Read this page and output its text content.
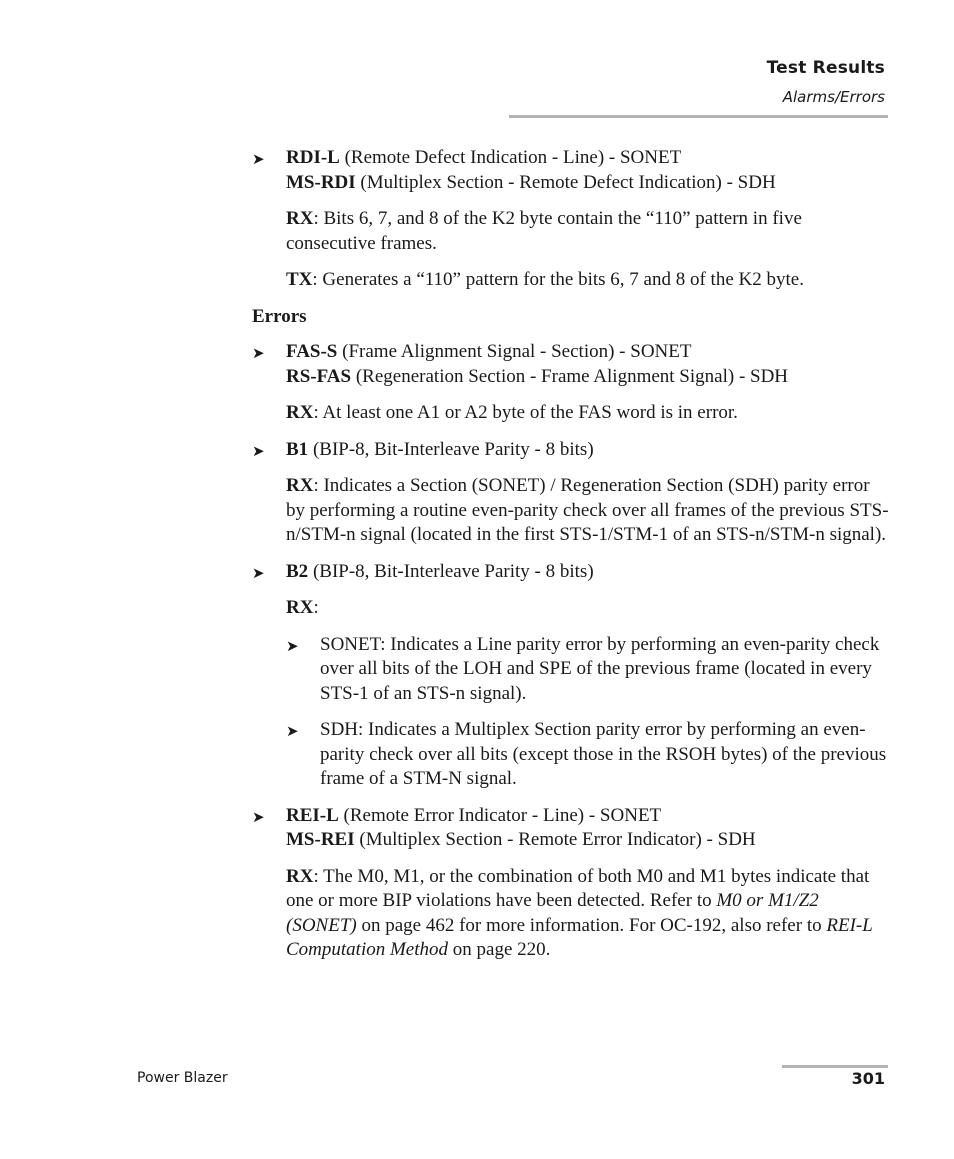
Test Results
Alarms/Errors
➤ RDI-L (Remote Defect Indication - Line) - SONET
MS-RDI (Multiplex Section - Remote Defect Indication) - SDH
RX: Bits 6, 7, and 8 of the K2 byte contain the “110” pattern in five consecutive frames.
TX: Generates a “110” pattern for the bits 6, 7 and 8 of the K2 byte.
Errors
➤ FAS-S (Frame Alignment Signal - Section) - SONET
RS-FAS (Regeneration Section - Frame Alignment Signal) - SDH
RX: At least one A1 or A2 byte of the FAS word is in error.
➤ B1 (BIP-8, Bit-Interleave Parity - 8 bits)
RX: Indicates a Section (SONET) / Regeneration Section (SDH) parity error by performing a routine even-parity check over all frames of the previous STS-n/STM-n signal (located in the first STS-1/STM-1 of an STS-n/STM-n signal).
➤ B2 (BIP-8, Bit-Interleave Parity - 8 bits)
RX:
➤ SONET: Indicates a Line parity error by performing an even-parity check over all bits of the LOH and SPE of the previous frame (located in every STS-1 of an STS-n signal).
➤ SDH: Indicates a Multiplex Section parity error by performing an even-parity check over all bits (except those in the RSOH bytes) of the previous frame of a STM-N signal.
➤ REI-L (Remote Error Indicator - Line) - SONET
MS-REI (Multiplex Section - Remote Error Indicator) - SDH
RX: The M0, M1, or the combination of both M0 and M1 bytes indicate that one or more BIP violations have been detected. Refer to M0 or M1/Z2 (SONET) on page 462 for more information. For OC-192, also refer to REI-L Computation Method on page 220.
Power Blazer	301
